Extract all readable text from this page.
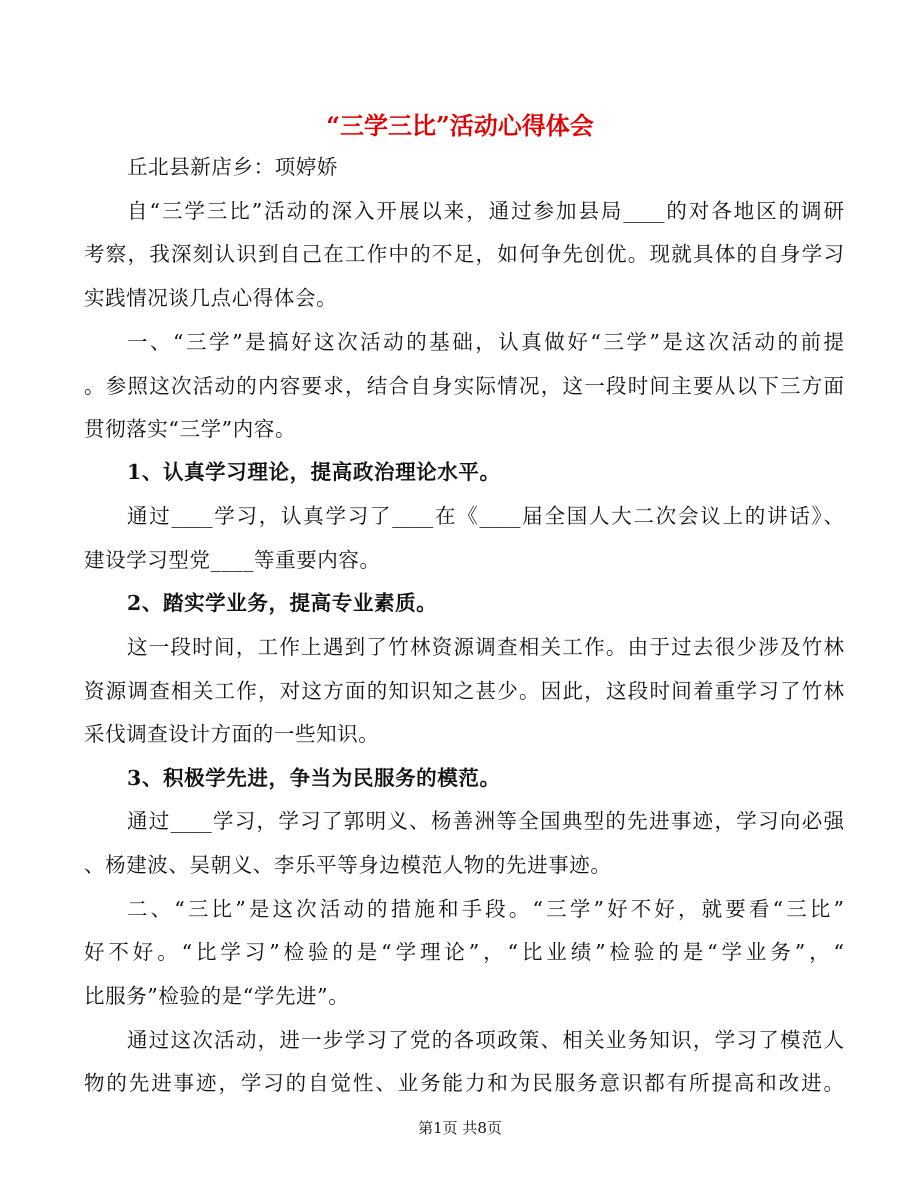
“三学三比”活动心得体会
丘北县新店乡：项婷娇
自“三学三比”活动的深入开展以来，通过参加县局____的对各地区的调研
考察，我深刻认识到自己在工作中的不足，如何争先创优。现就具体的自身学习
实践情况谈几点心得体会。
一、“三学”是搞好这次活动的基础，认真做好“三学”是这次活动的前提
。参照这次活动的内容要求，结合自身实际情况，这一段时间主要从以下三方面
贯彻落实“三学”内容。
1、认真学习理论，提高政治理论水平。
通过____学习，认真学习了____在《____届全国人大二次会议上的讲话》、
建设学习型党____等重要内容。
2、踏实学业务，提高专业素质。
这一段时间，工作上遇到了竹林资源调查相关工作。由于过去很少涉及竹林
资源调查相关工作，对这方面的知识知之甚少。因此，这段时间着重学习了竹林
采伐调查设计方面的一些知识。
3、积极学先进，争当为民服务的模范。
通过____学习，学习了郭明义、杨善洲等全国典型的先进事迹，学习向必强
、杨建波、吴朝义、李乐平等身边模范人物的先进事迹。
二、“三比”是这次活动的措施和手段。“三学”好不好，就要看“三比”
好不好。“比学习”检验的是“学理论”，“比业绩”检验的是“学业务”，“
比服务”检验的是“学先进”。
通过这次活动，进一步学习了党的各项政策、相关业务知识，学习了模范人
物的先进事迹，学习的自觉性、业务能力和为民服务意识都有所提高和改进。
第1页 共8页
